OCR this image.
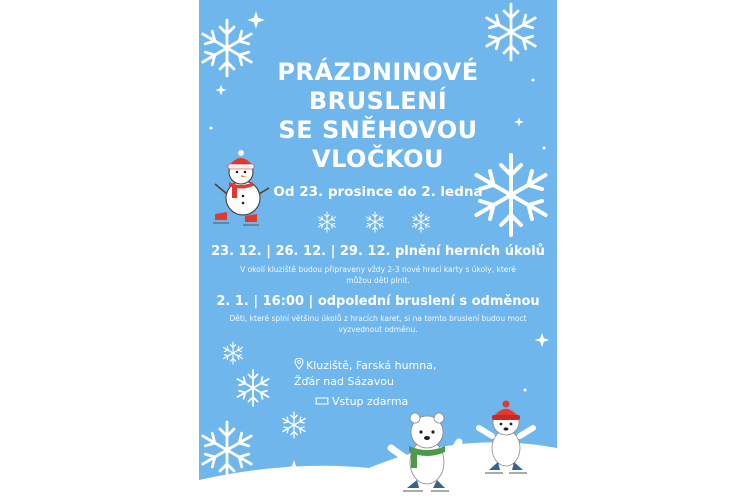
PRÁZDNINOVÉ
BRUSLENÍ
SE SNĚHOVOU
VLOČKOU
Od 23. prosince do 2. ledna
23. 12. | 26. 12. | 29. 12. plnění herních úkolů
V okolí kluziště budou připraveny vždy 2-3 nové hrací karty s úkoly, které můžou děti plnit.
2. 1. | 16:00 | odpolední bruslení s odměnou
Děti, které splní většinu úkolů z hracích karet, si na tomto bruslení budou moct vyzvednout odměnu.
Kluziště, Farská humna,
Žďár nad Sázavou
Vstup zdarma
